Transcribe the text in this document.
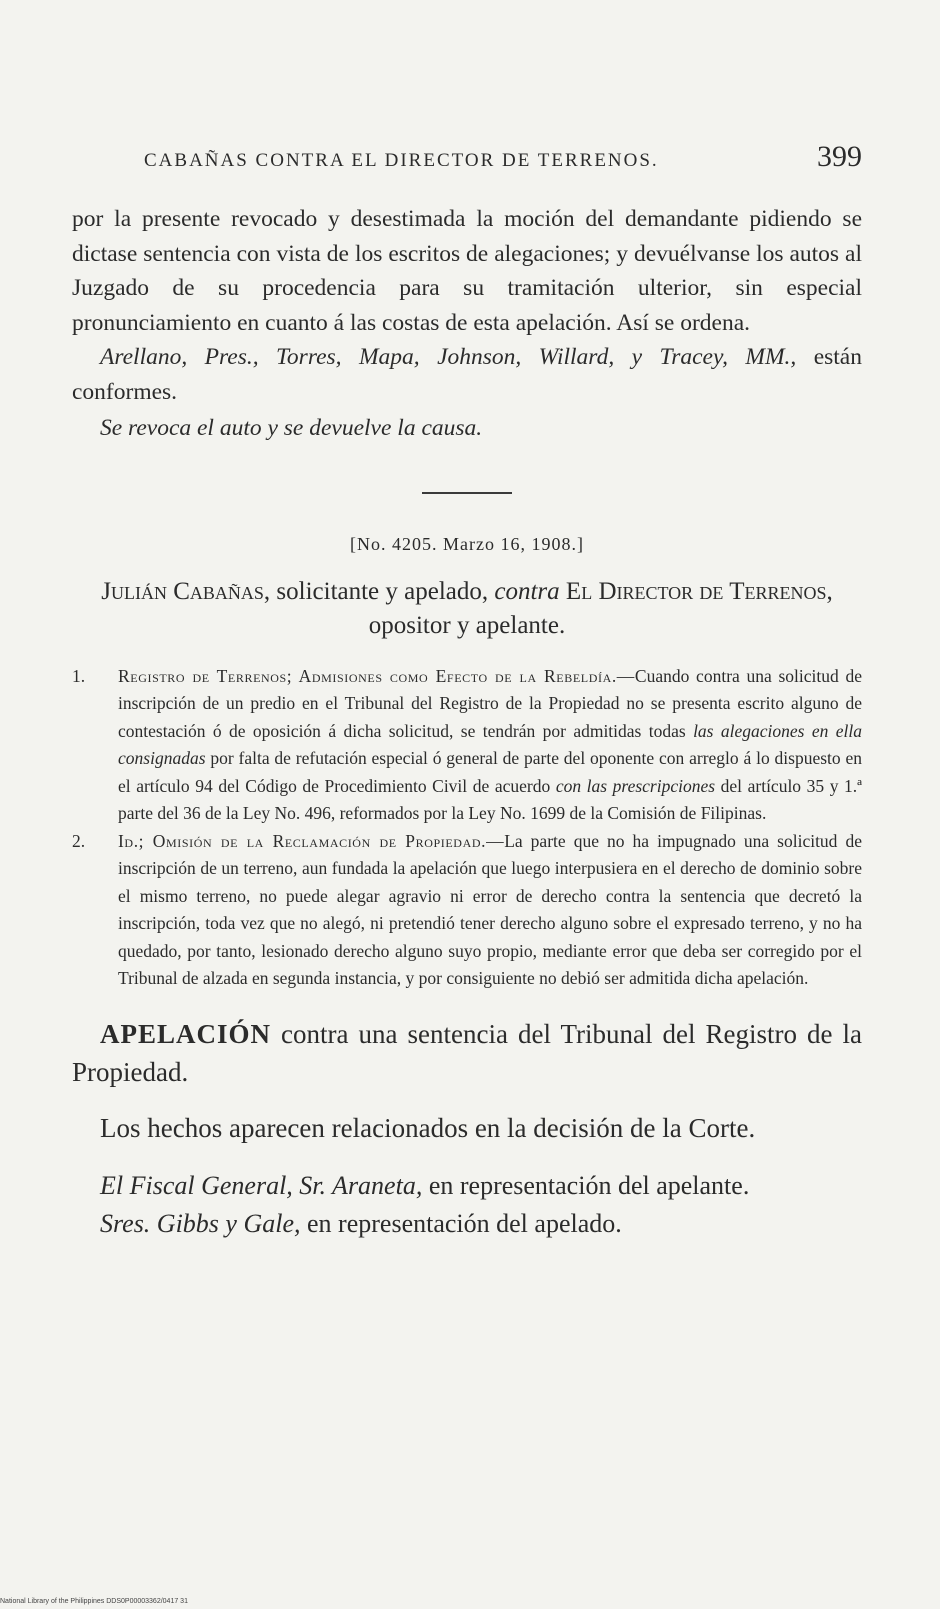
CABAÑAS CONTRA EL DIRECTOR DE TERRENOS.	399

por la presente revocado y desestimada la moción del demandante pidiendo se dictase sentencia con vista de los escritos de alegaciones; y devuélvanse los autos al Juzgado de su procedencia para su tramitación ulterior, sin especial pronunciamiento en cuanto á las costas de esta apelación. Así se ordena.

Arellano, Pres., Torres, Mapa, Johnson, Willard, y Tracey, MM., están conformes.

Se revoca el auto y se devuelve la causa.

[No. 4205. Marzo 16, 1908.]

Julián Cabañas, solicitante y apelado, contra El Director de Terrenos, opositor y apelante.

1. Registro de Terrenos; Admisiones como Efecto de la Rebeldía.—Cuando contra una solicitud de inscripción de un predio en el Tribunal del Registro de la Propiedad no se presenta escrito alguno de contestación ó de oposición á dicha solicitud, se tendrán por admitidas todas las alegaciones en ella consignadas por falta de refutación especial ó general de parte del oponente con arreglo á lo dispuesto en el artículo 94 del Código de Procedimiento Civil de acuerdo con las prescripciones del artículo 35 y 1.ª parte del 36 de la Ley No. 496, reformados por la Ley No. 1699 de la Comisión de Filipinas.

2. Id.; Omisión de la Reclamación de Propiedad.—La parte que no ha impugnado una solicitud de inscripción de un terreno, aun fundada la apelación que luego interpusiera en el derecho de dominio sobre el mismo terreno, no puede alegar agravio ni error de derecho contra la sentencia que decretó la inscripción, toda vez que no alegó, ni pretendió tener derecho alguno sobre el expresado terreno, y no ha quedado, por tanto, lesionado derecho alguno suyo propio, mediante error que deba ser corregido por el Tribunal de alzada en segunda instancia, y por consiguiente no debió ser admitida dicha apelación.

APELACIÓN contra una sentencia del Tribunal del Registro de la Propiedad.

Los hechos aparecen relacionados en la decisión de la Corte.

El Fiscal General, Sr. Araneta, en representación del apelante.

Sres. Gibbs y Gale, en representación del apelado.

National Library of the Philippines DDS0P00003362/0417 31
